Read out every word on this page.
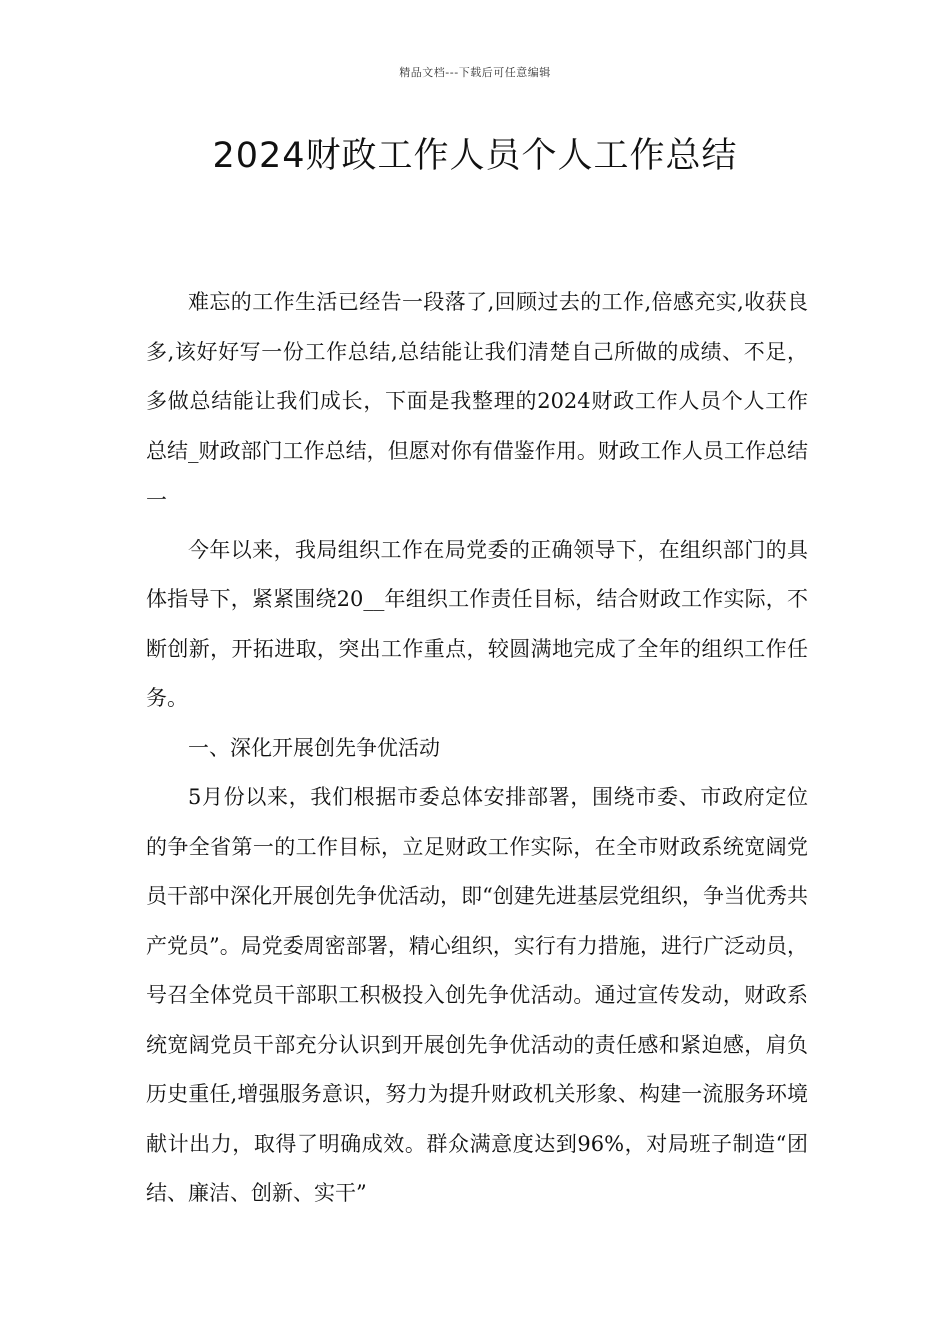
精品文档---下载后可任意编辑
2024财政工作人员个人工作总结

难忘的工作生活已经告一段落了,回顾过去的工作,倍感充实,收获良多,该好好写一份工作总结,总结能让我们清楚自己所做的成绩、不足，多做总结能让我们成长，下面是我整理的2024财政工作人员个人工作总结_财政部门工作总结，但愿对你有借鉴作用。财政工作人员工作总结一

今年以来，我局组织工作在局党委的正确领导下，在组织部门的具体指导下，紧紧围绕20__年组织工作责任目标，结合财政工作实际，不断创新，开拓进取，突出工作重点，较圆满地完成了全年的组织工作任务。

一、深化开展创先争优活动

5月份以来，我们根据市委总体安排部署，围绕市委、市政府定位的争全省第一的工作目标，立足财政工作实际，在全市财政系统宽阔党员干部中深化开展创先争优活动，即“创建先进基层党组织，争当优秀共产党员”。局党委周密部署，精心组织，实行有力措施，进行广泛动员，号召全体党员干部职工积极投入创先争优活动。通过宣传发动，财政系统宽阔党员干部充分认识到开展创先争优活动的责任感和紧迫感，肩负历史重任,增强服务意识，努力为提升财政机关形象、构建一流服务环境献计出力，取得了明确成效。群众满意度达到96%，对局班子制造“团结、廉洁、创新、实干”
